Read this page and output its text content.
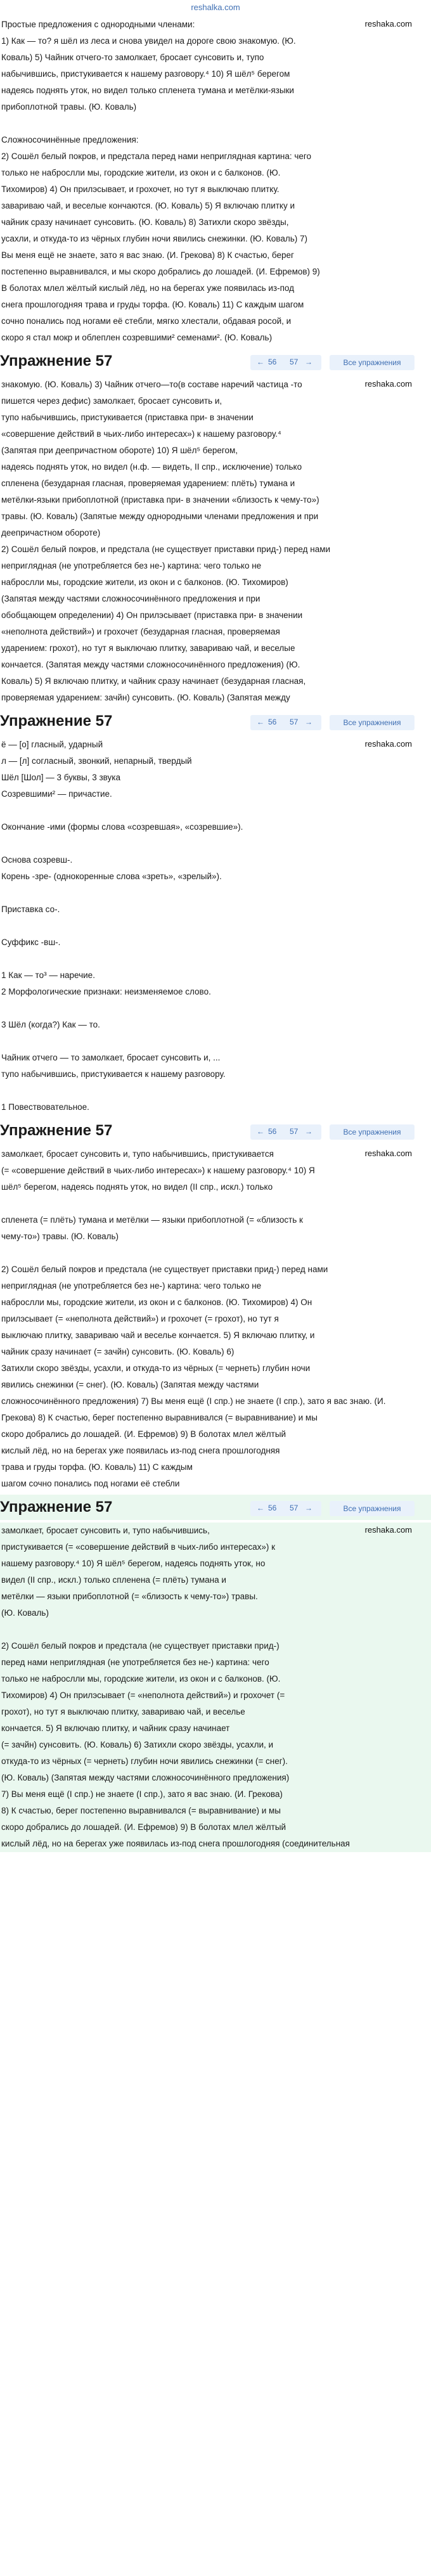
reshalka.com
Простые предложения с однородными членами:
1) Как — то? я шёл из леса и снова увидел на дороге свою знакомую. (Ю.
Коваль) 5) Чайник отчего-то замолкает, бросает сунсовить и, тупо
набычившись, пристукивается к нашему разговору.⁴ 10) Я шёл⁵ берегом
надеясь поднять уток, но видел только спленета тумана и метёлки-языки
прибоплотной травы. (Ю. Коваль)
Сложносочинённые предложения:
2) Сошёл белый покров, и предстала перед нами неприглядная картина: чего
только не наброслли мы, городские жители, из окон и с балконов. (Ю.
Тихомиров) 4) Он прилэсывает, и грохочет, но тут я выключаю плитку.
завариваю чай, и веселые кончаются. (Ю. Коваль) 5) Я включаю плитку и
чайник сразу начинает сунсовить. (Ю. Коваль) 8) Затихли скоро звёзды,
усахли, и откуда-то из чёрных глубин ночи явились снежинки. (Ю. Коваль) 7)
Вы меня ещё не знаете, зато я вас знаю. (И. Грекова) 8) К счастью, берег
постепенно выравнивался, и мы скоро добрались до лошадей. (И. Ефремов) 9)
В болотах млел жёлтый кислый лёд, но на берегах уже появилась из-под
снега прошлогодняя трава и груды торфа. (Ю. Коваль) 11) С каждым шагом
сочно понались под ногами её стебли, мягко хлестали, обдавая росой, и
скоро я стал мокр и облеплен созревшими² семенами². (Ю. Коваль)
reshaka.com
Упражнение 57	← 56 57 →	Все упражнения
знакомую. (Ю. Коваль) 3) Чайник отчего—то(в составе наречий частица -то
пишется через дефис) замолкает, бросает сунсовить и,
тупо набычившись, пристукивается (приставка при- в значении
«совершение действий в чьих-либо интересах») к нашему разговору.⁴
(Запятая при деепричастном обороте) 10) Я шёл⁵ берегом,
надеясь поднять уток, но видел (н.ф. — видеть, II спр., исключение) только
спленена (безударная гласная, проверяемая ударением: плёть) тумана и
метёлки-языки прибоплотной (приставка при- в значении «близость к чему-то»)
травы. (Ю. Коваль) (Запятые между однородными членами предложения и при
деепричастном обороте)
2) Сошёл белый покров, и предстала (не существует приставки прид-) перед нами
неприглядная (не употребляется без не-) картина: чего только не
наброслли мы, городские жители, из окон и с балконов. (Ю. Тихомиров)
(Запятая между частями сложносочинённого предложения и при
обобщающем определении) 4) Он прилэсывает (приставка при- в значении
«неполнота действий») и грохочет (безударная гласная, проверяемая
ударением: грохот), но тут я выключаю плитку, завариваю чай, и веселые
кончается. (Запятая между частями сложносочинённого предложения) (Ю.
Коваль) 5) Я включаю плитку, и чайник сразу начинает (безударная гласная,
проверяемая ударением: зачйн) сунсовить. (Ю. Коваль) (Запятая между
reshaka.com
Упражнение 57	← 56 57 →	Все упражнения
ё — [о] гласный, ударный
л — [л] согласный, звонкий, непарный, твердый
Шёл [Шол] — 3 буквы, 3 звука
Созревшими² — причастие.
Окончание -ими (формы слова «созревшая», «созревшие»).
Основа созревш-.
Корень -зре- (однокоренные слова «зреть», «зрелый»).
Приставка со-.
Суффикс -вш-.
1 Как — то³ — наречие.
2 Морфологические признаки: неизменяемое слово.
3 Шёл (когда?) Как — то.
Чайник отчего — то замолкает, бросает сунсовить и, ...
тупо набычившись, пристукивается к нашему разговору.
1 Повествовательное.
reshaka.com
Упражнение 57	← 56 57 →	Все упражнения
замолкает, бросает сунсовить и, тупо набычившись, пристукивается
(= «совершение действий в чьих-либо интересах») к нашему разговору.⁴ 10) Я
шёл⁵ берегом, надеясь поднять уток, но видел (II спр., искл.) только
спленета (= плёть) тумана и метёлки — языки прибоплотной (= «близость к
чему-то») травы. (Ю. Коваль)
2) Сошёл белый покров и предстала (не существует приставки прид-) перед нами
неприглядная (не употребляется без не-) картина: чего только не
наброслли мы, городские жители, из окон и с балконов. (Ю. Тихомиров) 4) Он
прилэсывает (= «неполнота действий») и грохочет (= грохот), но тут я
выключаю плитку, завариваю чай и веселье кончается. 5) Я включаю плитку, и
чайник сразу начинает (= зачйн) сунсовить. (Ю. Коваль) 6)
Затихли скоро звёзды, усахли, и откуда-то из чёрных (= чернеть) глубин ночи
явились снежинки (= снег). (Ю. Коваль) (Запятая между частями
сложносочинённого предложения) 7) Вы меня ещё (I спр.) не знаете (I спр.), зато я вас знаю. (И.
Грекова) 8) К счастью, берег постепенно выравнивался (= выравнивание) и мы
скоро добрались до лошадей. (И. Ефремов) 9) В болотах млел жёлтый
кислый лёд, но на берегах уже появилась из-под снега прошлогодняя
трава и груды торфа. (Ю. Коваль) 11) С каждым
шагом сочно понались под ногами её стебли
reshaka.com
Упражнение 57	← 56 57 →	Все упражнения
замолкает, бросает сунсовить и, тупо набычившись,
пристукивается (= «совершение действий в чьих-либо интересах») к
нашему разговору.⁴ 10) Я шёл⁵ берегом, надеясь поднять уток, но
видел (II спр., искл.) только спленена (= плёть) тумана и
метёлки — языки прибоплотной (= «близость к чему-то») травы.
(Ю. Коваль)
2) Сошёл белый покров и предстала (не существует приставки прид-)
перед нами неприглядная (не употребляется без не-) картина: чего
только не наброслли мы, городские жители, из окон и с балконов. (Ю.
Тихомиров) 4) Он прилэсывает (= «неполнота действий») и грохочет (=
грохот), но тут я выключаю плитку, завариваю чай, и веселье
кончается. 5) Я включаю плитку, и чайник сразу начинает
(= зачйн) сунсовить. (Ю. Коваль) 6) Затихли скоро звёзды, усахли, и
откуда-то из чёрных (= чернеть) глубин ночи явились снежинки (= снег).
(Ю. Коваль) (Запятая между частями сложносочинённого предложения)
7) Вы меня ещё (I спр.) не знаете (I спр.), зато я вас знаю. (И. Грекова)
8) К счастью, берег постепенно выравнивался (= выравнивание) и мы
скоро добрались до лошадей. (И. Ефремов) 9) В болотах млел жёлтый
кислый лёд, но на берегах уже появилась из-под снега прошлогодняя (соединительная
reshaka.com
